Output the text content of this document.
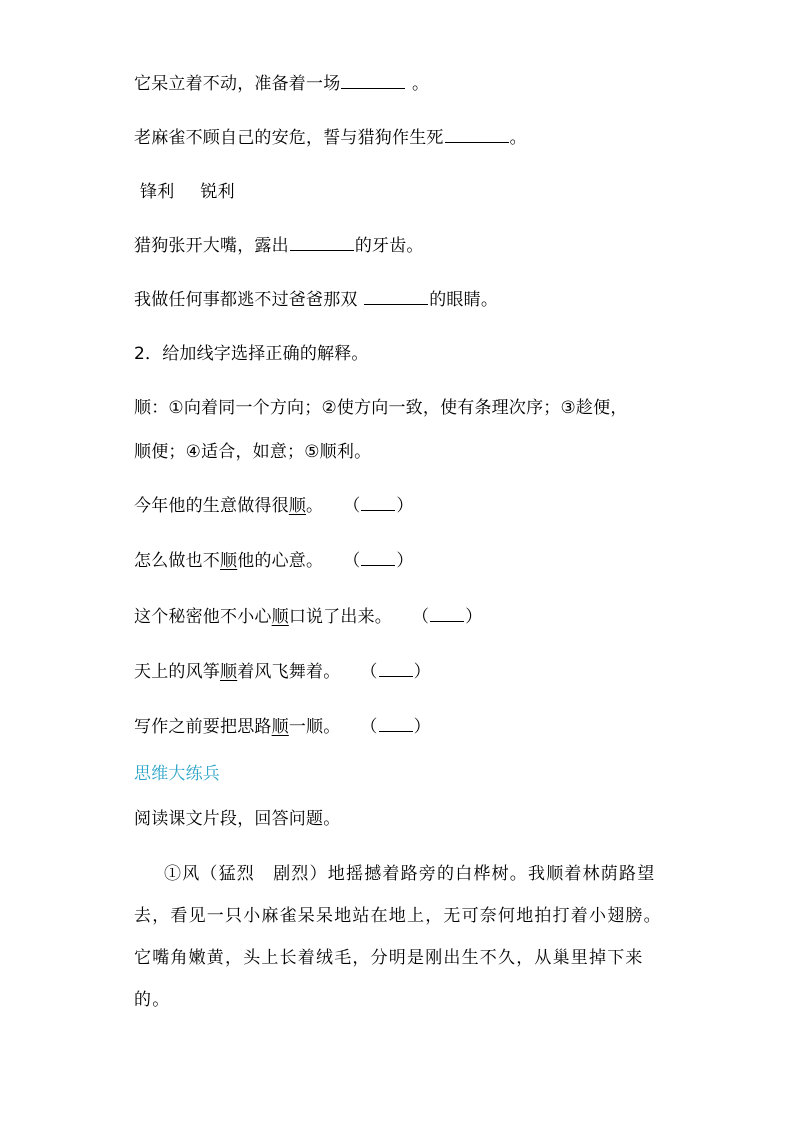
它呆立着不动，准备着一场	。
老麻雀不顾自己的安危，誓与猎狗作生死	。
锋利 锐利
猎狗张开大嘴，露出	的牙齿。
我做任何事都逃不过爸爸那双	的眼睛。
2．给加线字选择正确的解释。
顺：①向着同一个方向；②使方向一致，使有条理次序；③趁便，
顺便；④适合，如意；⑤顺利。
今年他的生意做得很顺。 （ ）
怎么做也不顺他的心意。 （ ）
这个秘密他不小心顺口说了出来。 （ ）
天上的风筝顺着风飞舞着。 （ ）
写作之前要把思路顺一顺。 （ ）
思维大练兵
阅读课文片段，回答问题。
①风（猛烈　剧烈）地摇撼着路旁的白桦树。我顺着林荫路望去，看见一只小麻雀呆呆地站在地上，无可奈何地拍打着小翅膀。它嘴角嫩黄，头上长着绒毛，分明是刚出生不久，从巢里掉下来的。
